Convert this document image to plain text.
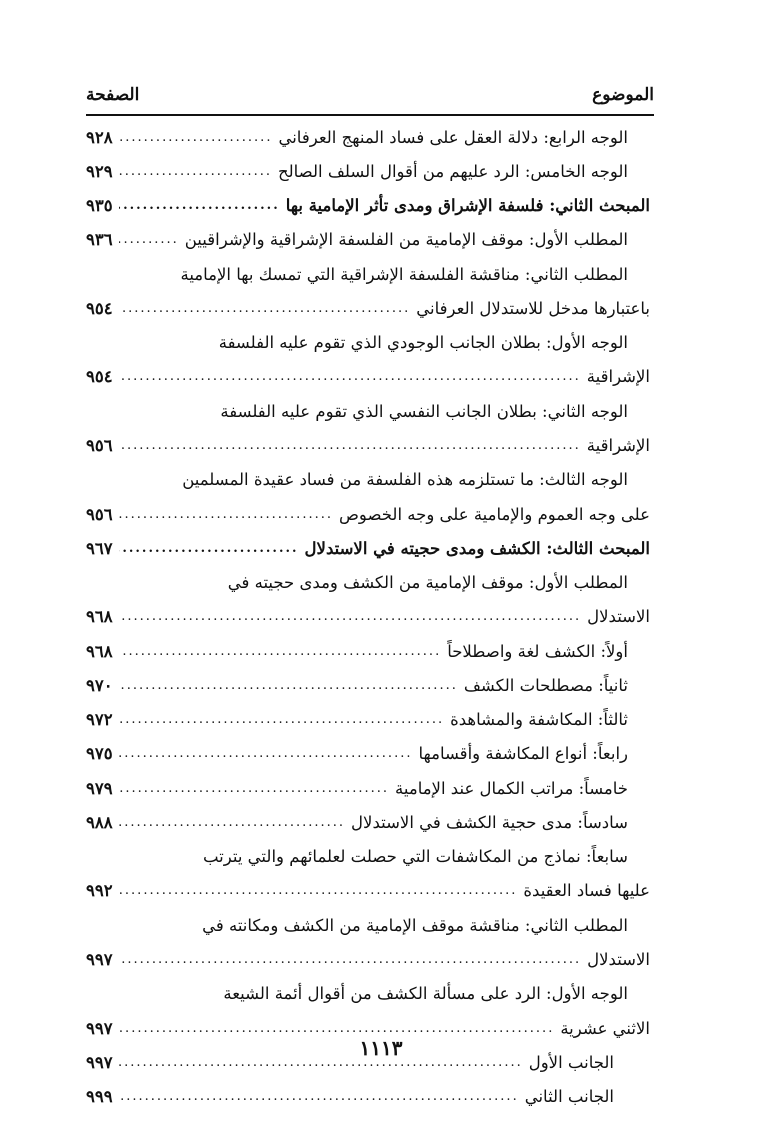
الموضوع
الصفحة
الوجه الرابع: دلالة العقل على فساد المنهج العرفاني
.....
٩٢٨
الوجه الخامس: الرد عليهم من أقوال السلف الصالح
.....
٩٢٩
المبحث الثاني: فلسفة الإشراق ومدى تأثر الإمامية بها
.....
٩٣٥
المطلب الأول: موقف الإمامية من الفلسفة الإشراقية والإشراقيين
.....
٩٣٦
المطلب الثاني: مناقشة الفلسفة الإشراقية التي تمسك بها الإمامية
باعتبارها مدخل للاستدلال العرفاني
.....
٩٥٤
الوجه الأول: بطلان الجانب الوجودي الذي تقوم عليه الفلسفة
الإشراقية
.....
٩٥٤
الوجه الثاني: بطلان الجانب النفسي الذي تقوم عليه الفلسفة
الإشراقية
.....
٩٥٦
الوجه الثالث: ما تستلزمه هذه الفلسفة من فساد عقيدة المسلمين
على وجه العموم والإمامية على وجه الخصوص
.....
٩٥٦
المبحث الثالث: الكشف ومدى حجيته في الاستدلال
.....
٩٦٧
المطلب الأول: موقف الإمامية من الكشف ومدى حجيته في
الاستدلال
.....
٩٦٨
أولاً: الكشف لغة واصطلاحاً
.....
٩٦٨
ثانياً: مصطلحات الكشف
.....
٩٧٠
ثالثاً: المكاشفة والمشاهدة
.....
٩٧٢
رابعاً: أنواع المكاشفة وأقسامها
.....
٩٧٥
خامساً: مراتب الكمال عند الإمامية
.....
٩٧٩
سادساً: مدى حجية الكشف في الاستدلال
.....
٩٨٨
سابعاً: نماذج من المكاشفات التي حصلت لعلمائهم والتي يترتب
عليها فساد العقيدة
.....
٩٩٢
المطلب الثاني: مناقشة موقف الإمامية من الكشف ومكانته في
الاستدلال
.....
٩٩٧
الوجه الأول: الرد على مسألة الكشف من أقوال أئمة الشيعة
الاثني عشرية
.....
٩٩٧
الجانب الأول
.....
٩٩٧
الجانب الثاني
.....
٩٩٩
١١١٣
